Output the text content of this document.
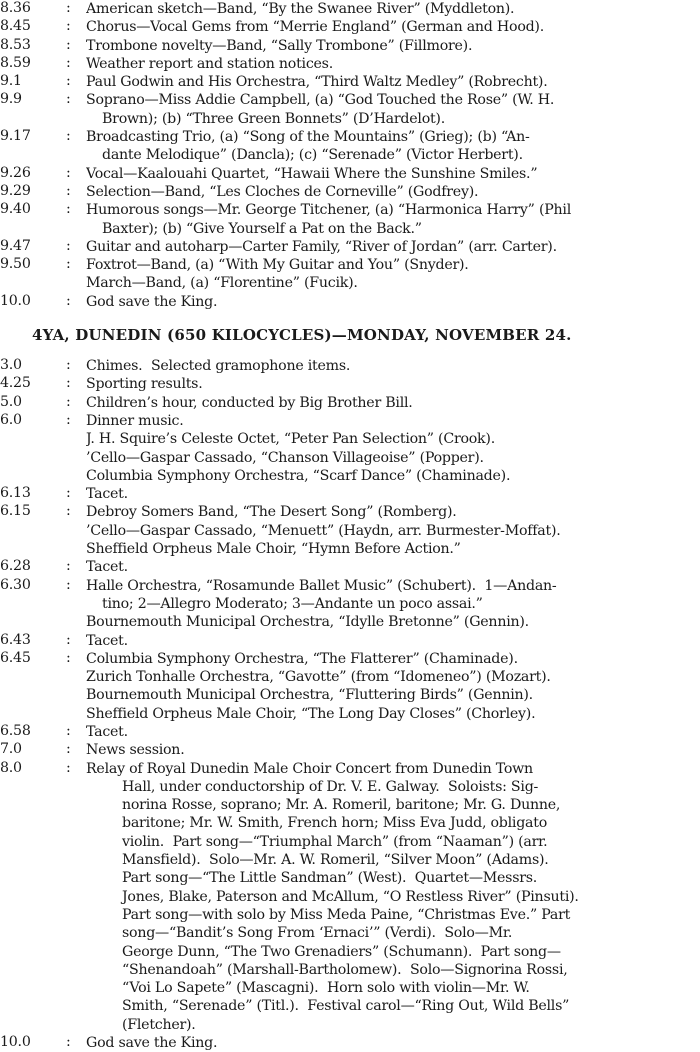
8.36	:	American sketch—Band, “By the Swanee River” (Myddleton).
8.45	:	Chorus—Vocal Gems from “Merrie England” (German and Hood).
8.53	:	Trombone novelty—Band, “Sally Trombone” (Fillmore).
8.59	:	Weather report and station notices.
9.1	:	Paul Godwin and His Orchestra, “Third Waltz Medley” (Robrecht).
9.9	:	Soprano—Miss Addie Campbell, (a) “God Touched the Rose” (W. H.
Brown); (b) “Three Green Bonnets” (D’Hardelot).
9.17	:	Broadcasting Trio, (a) “Song of the Mountains” (Grieg); (b) “An-
dante Melodique” (Dancla); (c) “Serenade” (Victor Herbert).
9.26	:	Vocal—Kaalouahi Quartet, “Hawaii Where the Sunshine Smiles.”
9.29	:	Selection—Band, “Les Cloches de Corneville” (Godfrey).
9.40	:	Humorous songs—Mr. George Titchener, (a) “Harmonica Harry” (Phil
Baxter); (b) “Give Yourself a Pat on the Back.”
9.47	:	Guitar and autoharp—Carter Family, “River of Jordan” (arr. Carter).
9.50	:	Foxtrot—Band, (a) “With My Guitar and You” (Snyder).
March—Band, (a) “Florentine” (Fucik).
10.0	:	God save the King.
4YA, DUNEDIN (650 KILOCYCLES)—MONDAY, NOVEMBER 24.
3.0	:	Chimes.  Selected gramophone items.
4.25	:	Sporting results.
5.0	:	Children’s hour, conducted by Big Brother Bill.
6.0	:	Dinner music.
J. H. Squire’s Celeste Octet, “Peter Pan Selection” (Crook).
’Cello—Gaspar Cassado, “Chanson Villageoise” (Popper).
Columbia Symphony Orchestra, “Scarf Dance” (Chaminade).
6.13	:	Tacet.
6.15	:	Debroy Somers Band, “The Desert Song” (Romberg).
’Cello—Gaspar Cassado, “Menuett” (Haydn, arr. Burmester-Moffat).
Sheffield Orpheus Male Choir, “Hymn Before Action.”
6.28	:	Tacet.
6.30	:	Halle Orchestra, “Rosamunde Ballet Music” (Schubert).  1—Andan-
tino; 2—Allegro Moderato; 3—Andante un poco assai.”
Bournemouth Municipal Orchestra, “Idylle Bretonne” (Gennin).
6.43	:	Tacet.
6.45	:	Columbia Symphony Orchestra, “The Flatterer” (Chaminade).
Zurich Tonhalle Orchestra, “Gavotte” (from “Idomeneo”) (Mozart).
Bournemouth Municipal Orchestra, “Fluttering Birds” (Gennin).
Sheffield Orpheus Male Choir, “The Long Day Closes” (Chorley).
6.58	:	Tacet.
7.0	:	News session.
8.0	:	Relay of Royal Dunedin Male Choir Concert from Dunedin Town
Hall, under conductorship of Dr. V. E. Galway.  Soloists: Sig-
norina Rosse, soprano; Mr. A. Romeril, baritone; Mr. G. Dunne,
baritone; Mr. W. Smith, French horn; Miss Eva Judd, obligato
violin.  Part song—“Triumphal March” (from “Naaman”) (arr.
Mansfield).  Solo—Mr. A. W. Romeril, “Silver Moon” (Adams).
Part song—“The Little Sandman” (West).  Quartet—Messrs.
Jones, Blake, Paterson and McAllum, “O Restless River” (Pinsuti).
Part song—with solo by Miss Meda Paine, “Christmas Eve.” Part
song—“Bandit’s Song From ‘Ernaci’” (Verdi).  Solo—Mr.
George Dunn, “The Two Grenadiers” (Schumann).  Part song—
“Shenandoah” (Marshall-Bartholomew).  Solo—Signorina Rossi,
“Voi Lo Sapete” (Mascagni).  Horn solo with violin—Mr. W.
Smith, “Serenade” (Titl.).  Festival carol—“Ring Out, Wild Bells”
(Fletcher).
10.0	:	God save the King.
